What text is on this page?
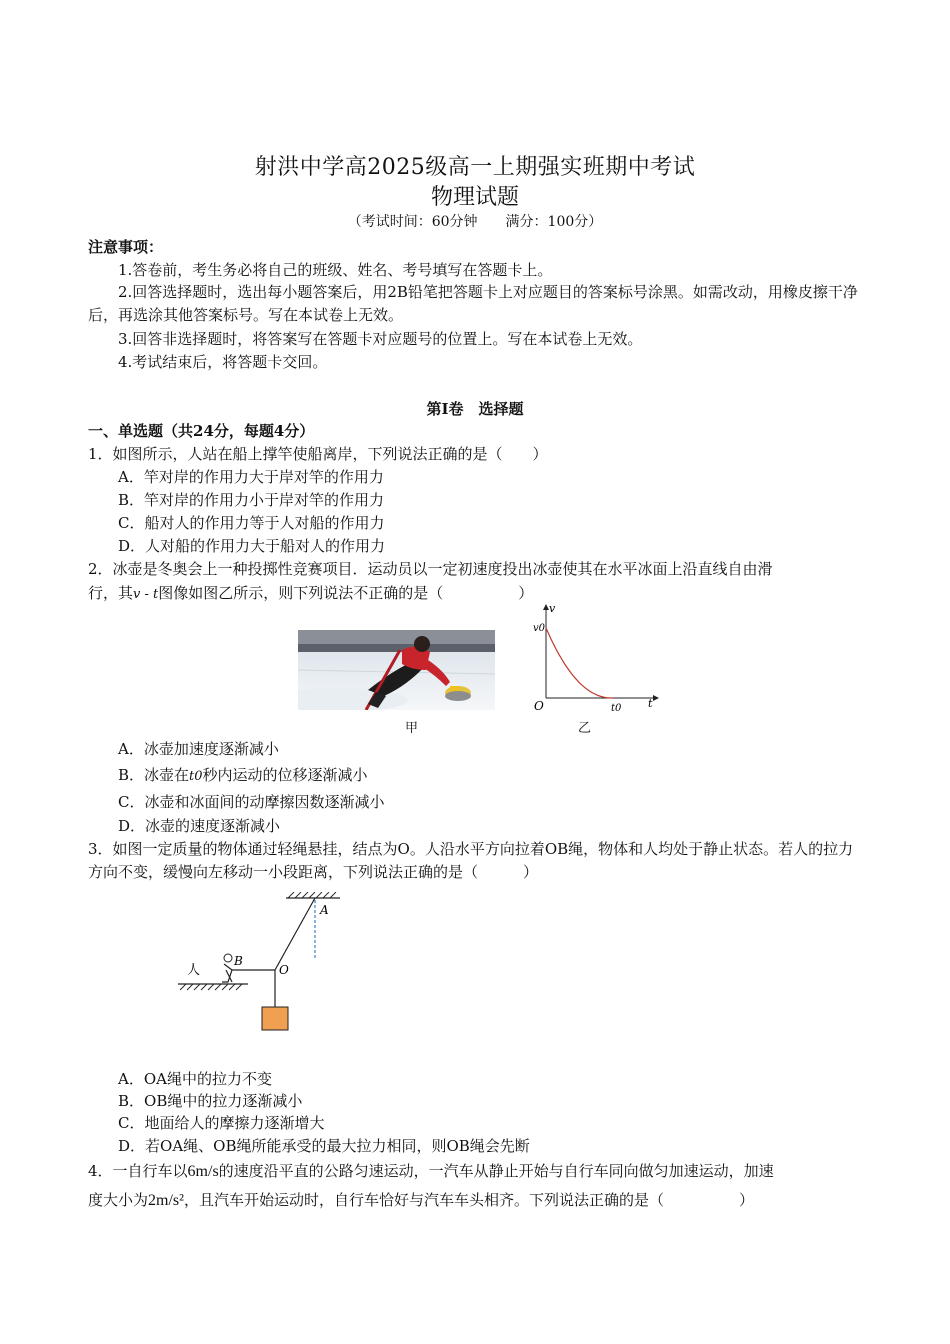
射洪中学高2025级高一上期强实班期中考试
物理试题
（考试时间：60分钟 满分：100分）
注意事项：
1.答卷前，考生务必将自己的班级、姓名、考号填写在答题卡上。
2.回答选择题时，选出每小题答案后，用2B铅笔把答题卡上对应题目的答案标号涂黑。如需改动，用橡皮擦干净后，再选涂其他答案标号。写在本试卷上无效。
3.回答非选择题时，将答案写在答题卡对应题号的位置上。写在本试卷上无效。
4.考试结束后，将答题卡交回。
第Ⅰ卷　选择题
一、单选题（共24分，每题4分）
1．如图所示，人站在船上撑竿使船离岸，下列说法正确的是（　　）
A．竿对岸的作用力大于岸对竿的作用力
B．竿对岸的作用力小于岸对竿的作用力
C．船对人的作用力等于人对船的作用力
D．人对船的作用力大于船对人的作用力
2．冰壶是冬奥会上一种投掷性竞赛项目．运动员以一定初速度投出冰壶使其在水平冰面上沿直线自由滑
行，其v - t图像如图乙所示，则下列说法不正确的是（　　　　　）
甲
v
t
O
v0
t0
乙
A．冰壶加速度逐渐减小
B．冰壶在t0秒内运动的位移逐渐减小
C．冰壶和冰面间的动摩擦因数逐渐减小
D．冰壶的速度逐渐减小
3．如图一定质量的物体通过轻绳悬挂，结点为O。人沿水平方向拉着OB绳，物体和人均处于静止状态。若人的拉力方向不变，缓慢向左移动一小段距离，下列说法正确的是（　　　）
人
A
B
O
A．OA绳中的拉力不变
B．OB绳中的拉力逐渐减小
C．地面给人的摩擦力逐渐增大
D．若OA绳、OB绳所能承受的最大拉力相同，则OB绳会先断
4．一自行车以6m/s的速度沿平直的公路匀速运动，一汽车从静止开始与自行车同向做匀加速运动，加速
度大小为2m/s²，且汽车开始运动时，自行车恰好与汽车车头相齐。下列说法正确的是（　　　　　）
